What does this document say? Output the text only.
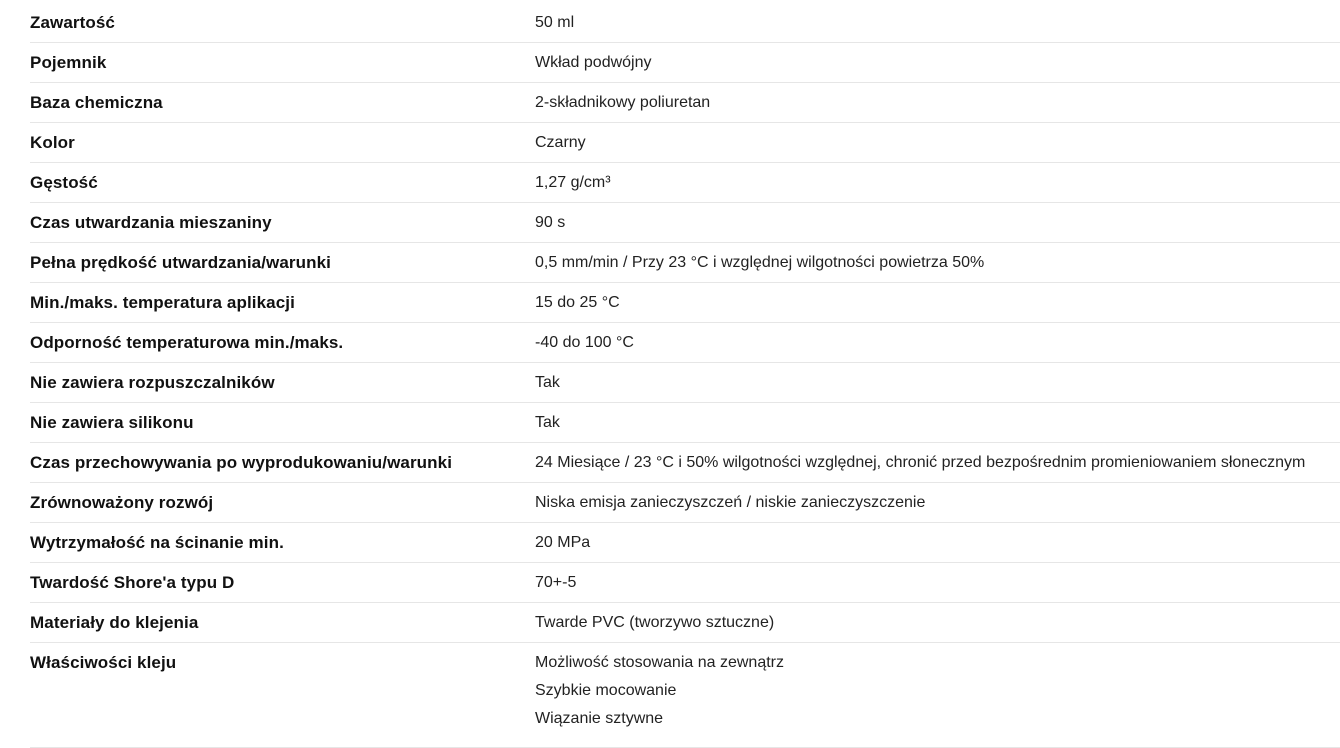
Zawartość	50 ml
Pojemnik	Wkład podwójny
Baza chemiczna	2-składnikowy poliuretan
Kolor	Czarny
Gęstość	1,27 g/cm³
Czas utwardzania mieszaniny	90 s
Pełna prędkość utwardzania/warunki	0,5 mm/min / Przy 23 °C i względnej wilgotności powietrza 50%
Min./maks. temperatura aplikacji	15 do 25 °C
Odporność temperaturowa min./maks.	-40 do 100 °C
Nie zawiera rozpuszczalników	Tak
Nie zawiera silikonu	Tak
Czas przechowywania po wyprodukowaniu/warunki	24 Miesiące / 23 °C i 50% wilgotności względnej, chronić przed bezpośrednim promieniowaniem słonecznym
Zrównoważony rozwój	Niska emisja zanieczyszczeń / niskie zanieczyszczenie
Wytrzymałość na ścinanie min.	20 MPa
Twardość Shore'a typu D	70+-5
Materiały do klejenia	Twarde PVC (tworzywo sztuczne)
Właściwości kleju	Możliwość stosowania na zewnątrz
Szybkie mocowanie
Wiązanie sztywne
